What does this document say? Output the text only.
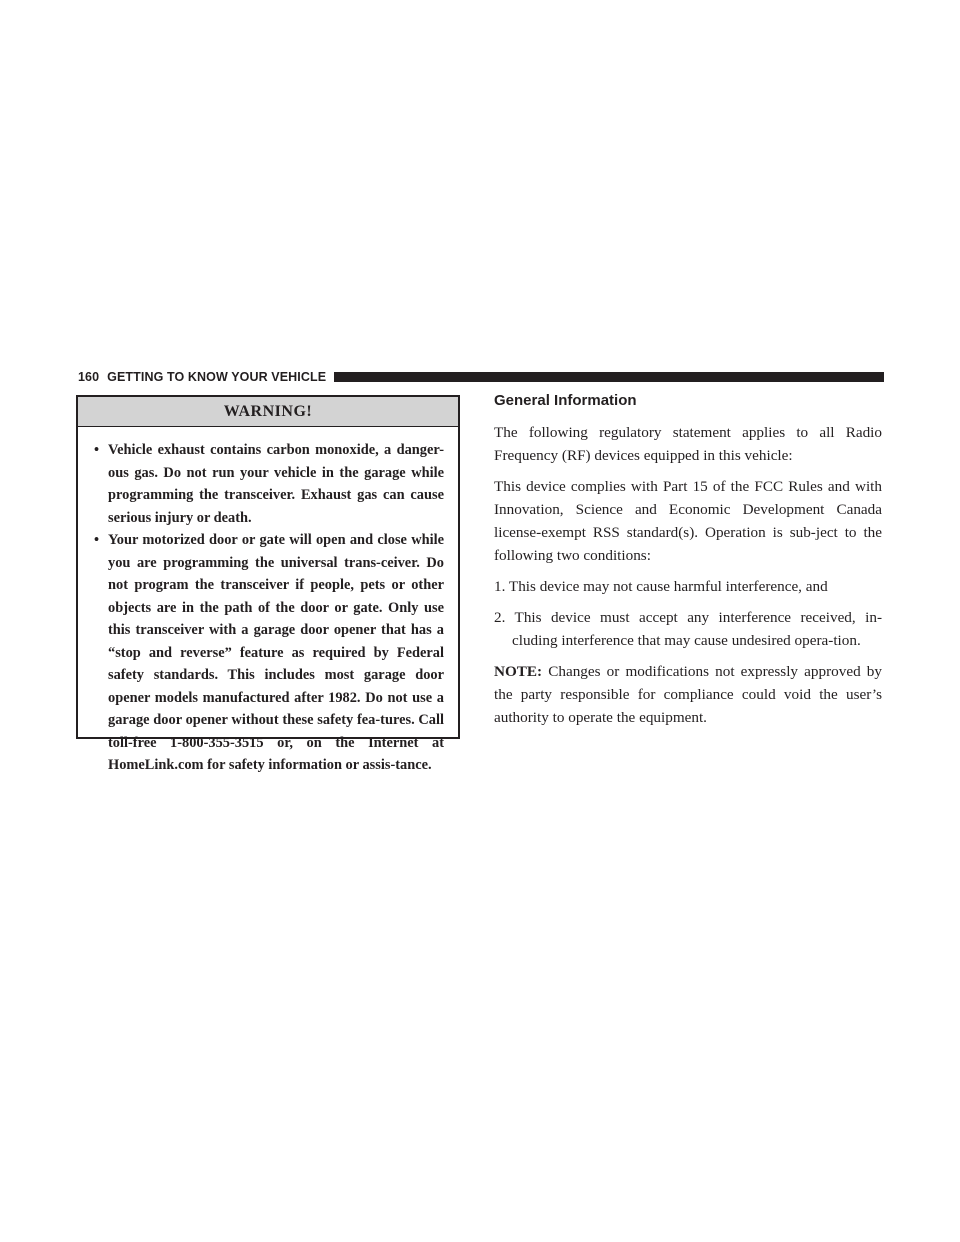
160 GETTING TO KNOW YOUR VEHICLE
WARNING!
• Vehicle exhaust contains carbon monoxide, a danger-ous gas. Do not run your vehicle in the garage while programming the transceiver. Exhaust gas can cause serious injury or death.
• Your motorized door or gate will open and close while you are programming the universal trans-ceiver. Do not program the transceiver if people, pets or other objects are in the path of the door or gate. Only use this transceiver with a garage door opener that has a “stop and reverse” feature as required by Federal safety standards. This includes most garage door opener models manufactured after 1982. Do not use a garage door opener without these safety fea-tures. Call toll-free 1-800-355-3515 or, on the Internet at HomeLink.com for safety information or assis-tance.
General Information

The following regulatory statement applies to all Radio Frequency (RF) devices equipped in this vehicle:

This device complies with Part 15 of the FCC Rules and with Innovation, Science and Economic Development Canada license-exempt RSS standard(s). Operation is sub-ject to the following two conditions:

1. This device may not cause harmful interference, and

2. This device must accept any interference received, in-cluding interference that may cause undesired opera-tion.

NOTE: Changes or modifications not expressly approved by the party responsible for compliance could void the user’s authority to operate the equipment.
